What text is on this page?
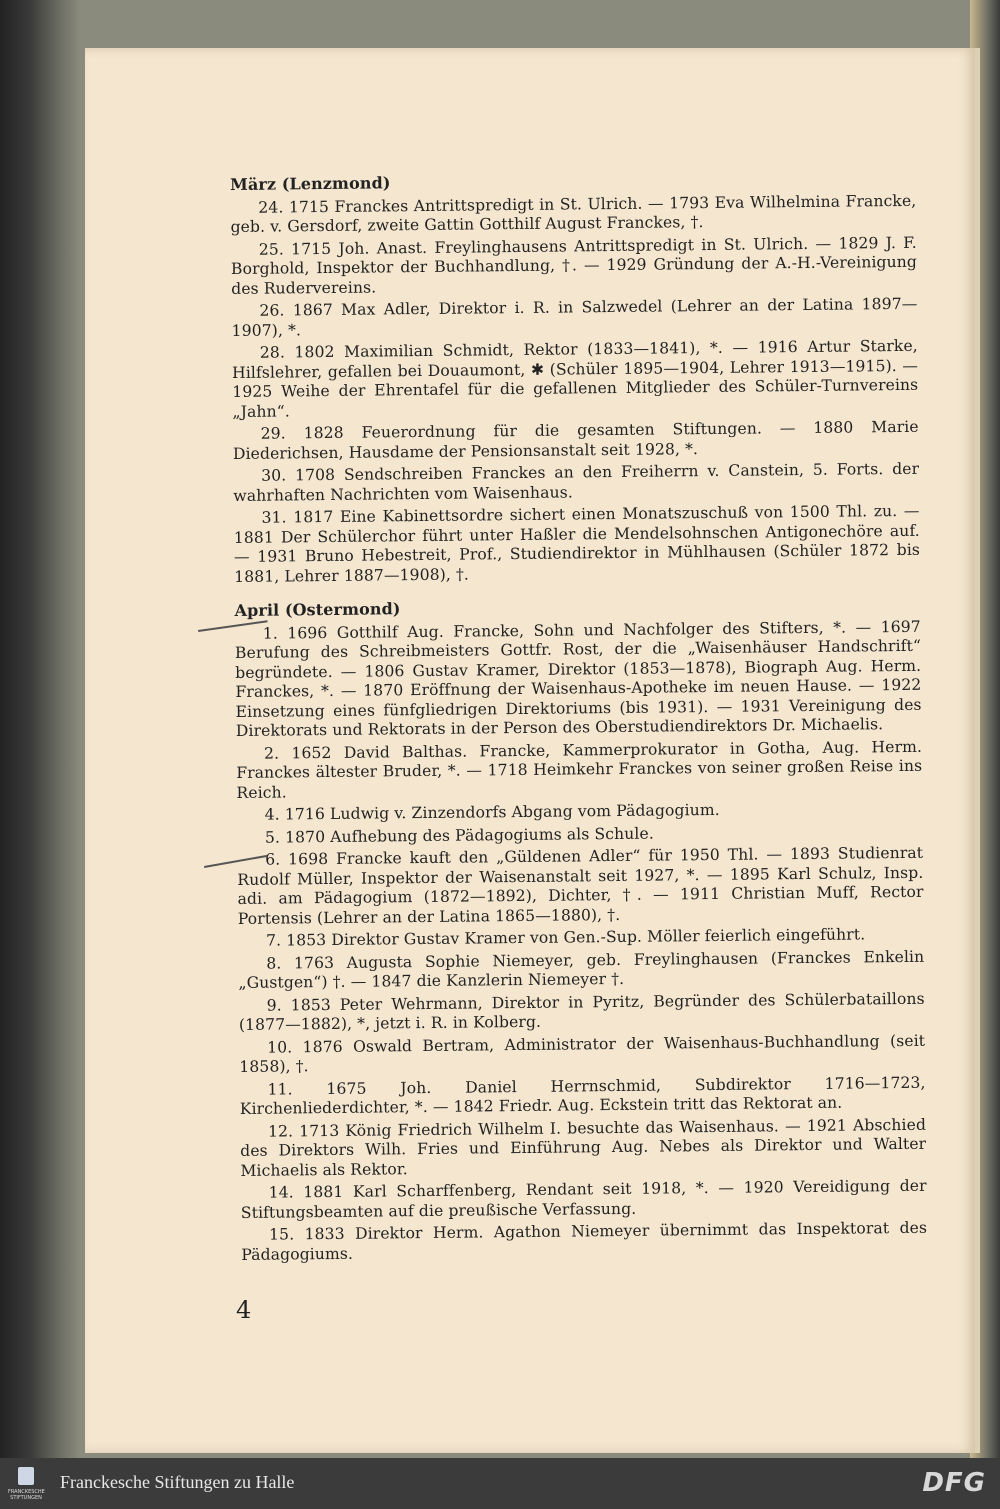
März (Lenzmond)

24. 1715 Franckes Antrittspredigt in St. Ulrich. — 1793 Eva Wilhelmina Francke, geb. v. Gersdorf, zweite Gattin Gotthilf August Franckes, †.

25. 1715 Joh. Anast. Freylinghausens Antrittspredigt in St. Ulrich. — 1829 J. F. Borghold, Inspektor der Buchhandlung, †. — 1929 Gründung der A.-H.-Vereinigung des Rudervereins.

26. 1867 Max Adler, Direktor i. R. in Salzwedel (Lehrer an der Latina 1897—1907), *.

28. 1802 Maximilian Schmidt, Rektor (1833—1841), *. — 1916 Artur Starke, Hilfslehrer, gefallen bei Douaumont, ✱ (Schüler 1895—1904, Lehrer 1913—1915). — 1925 Weihe der Ehrentafel für die gefallenen Mitglieder des Schüler-Turnvereins „Jahn“.

29. 1828 Feuerordnung für die gesamten Stiftungen. — 1880 Marie Diederichsen, Hausdame der Pensionsanstalt seit 1928, *.

30. 1708 Sendschreiben Franckes an den Freiherrn v. Canstein, 5. Forts. der wahrhaften Nachrichten vom Waisenhaus.

31. 1817 Eine Kabinettsordre sichert einen Monatszuschuß von 1500 Thl. zu. — 1881 Der Schülerchor führt unter Haßler die Mendelsohnschen Antigonechöre auf. — 1931 Bruno Hebestreit, Prof., Studiendirektor in Mühlhausen (Schüler 1872 bis 1881, Lehrer 1887—1908), †.

April (Ostermond)

1. 1696 Gotthilf Aug. Francke, Sohn und Nachfolger des Stifters, *. — 1697 Berufung des Schreibmeisters Gottfr. Rost, der die „Waisenhäuser Handschrift“ begründete. — 1806 Gustav Kramer, Direktor (1853—1878), Biograph Aug. Herm. Franckes, *. — 1870 Eröffnung der Waisenhaus-Apotheke im neuen Hause. — 1922 Einsetzung eines fünfgliedrigen Direktoriums (bis 1931). — 1931 Vereinigung des Direktorats und Rektorats in der Person des Oberstudiendirektors Dr. Michaelis.

2. 1652 David Balthas. Francke, Kammerprokurator in Gotha, Aug. Herm. Franckes ältester Bruder, *. — 1718 Heimkehr Franckes von seiner großen Reise ins Reich.

4. 1716 Ludwig v. Zinzendorfs Abgang vom Pädagogium.

5. 1870 Aufhebung des Pädagogiums als Schule.

6. 1698 Francke kauft den „Güldenen Adler“ für 1950 Thl. — 1893 Studienrat Rudolf Müller, Inspektor der Waisenanstalt seit 1927, *. — 1895 Karl Schulz, Insp. adi. am Pädagogium (1872—1892), Dichter, †. — 1911 Christian Muff, Rector Portensis (Lehrer an der Latina 1865—1880), †.

7. 1853 Direktor Gustav Kramer von Gen.-Sup. Möller feierlich eingeführt.

8. 1763 Augusta Sophie Niemeyer, geb. Freylinghausen (Franckes Enkelin „Gustgen“) †. — 1847 die Kanzlerin Niemeyer †.

9. 1853 Peter Wehrmann, Direktor in Pyritz, Begründer des Schülerbataillons (1877—1882), *, jetzt i. R. in Kolberg.

10. 1876 Oswald Bertram, Administrator der Waisenhaus-Buchhandlung (seit 1858), †.

11. 1675 Joh. Daniel Herrnschmid, Subdirektor 1716—1723, Kirchenliederdichter, *. — 1842 Friedr. Aug. Eckstein tritt das Rektorat an.

12. 1713 König Friedrich Wilhelm I. besuchte das Waisenhaus. — 1921 Abschied des Direktors Wilh. Fries und Einführung Aug. Nebes als Direktor und Walter Michaelis als Rektor.

14. 1881 Karl Scharffenberg, Rendant seit 1918, *. — 1920 Vereidigung der Stiftungsbeamten auf die preußische Verfassung.

15. 1833 Direktor Herm. Agathon Niemeyer übernimmt das Inspektorat des Pädagogiums.

4
FRANCKESCHE STIFTUNGEN
Franckesche Stiftungen zu Halle	DFG
